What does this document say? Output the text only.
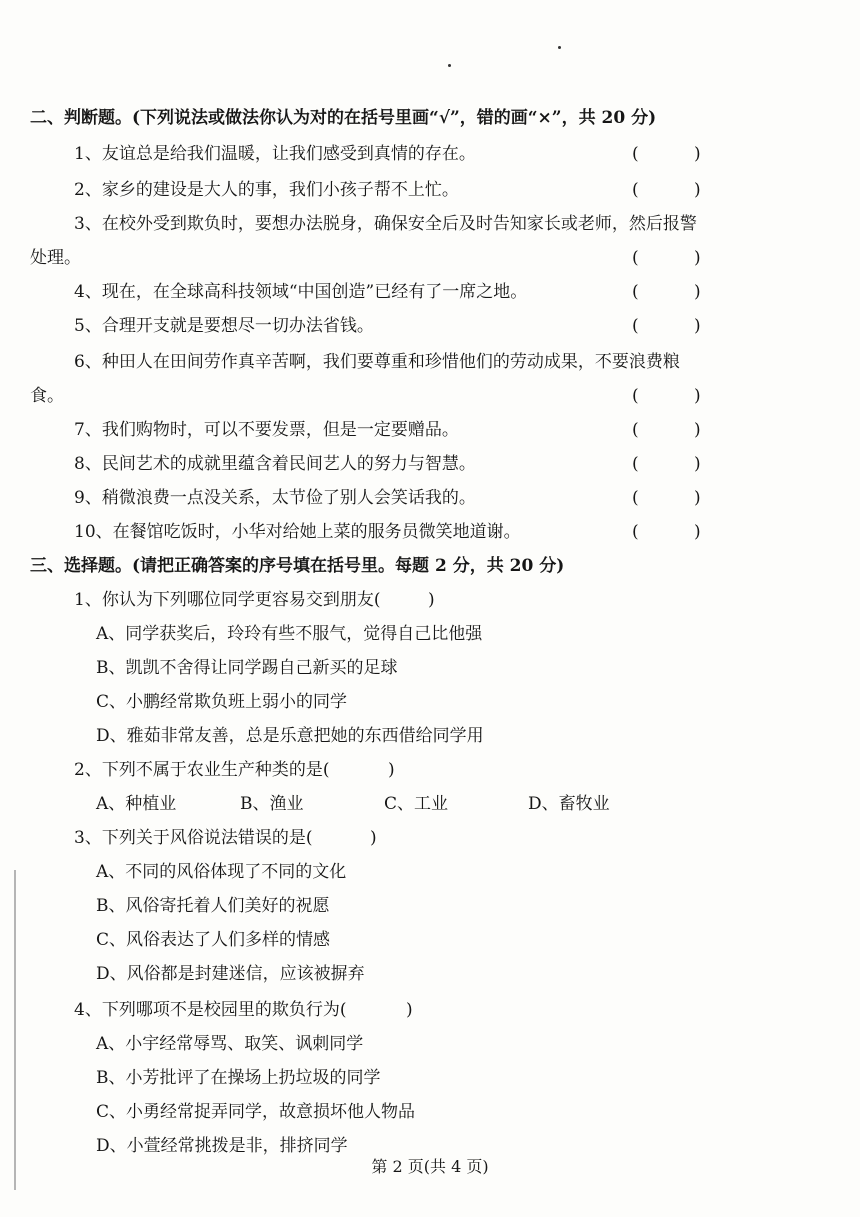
二、判断题。(下列说法或做法你认为对的在括号里画“√”，错的画“×”，共 20 分)
1、友谊总是给我们温暖，让我们感受到真情的存在。	(	)
2、家乡的建设是大人的事，我们小孩子帮不上忙。	(	)
3、在校外受到欺负时，要想办法脱身，确保安全后及时告知家长或老师，然后报警
处理。	(	)
4、现在，在全球高科技领域“中国创造”已经有了一席之地。	(	)
5、合理开支就是要想尽一切办法省钱。	(	)
6、种田人在田间劳作真辛苦啊，我们要尊重和珍惜他们的劳动成果，不要浪费粮
食。	(	)
7、我们购物时，可以不要发票，但是一定要赠品。	(	)
8、民间艺术的成就里蕴含着民间艺人的努力与智慧。	(	)
9、稍微浪费一点没关系，太节俭了别人会笑话我的。	(	)
10、在餐馆吃饭时，小华对给她上菜的服务员微笑地道谢。	(	)
三、选择题。(请把正确答案的序号填在括号里。每题 2 分，共 20 分)
1、你认为下列哪位同学更容易交到朋友(	)
A、同学获奖后，玲玲有些不服气，觉得自己比他强
B、凯凯不舍得让同学踢自己新买的足球
C、小鹏经常欺负班上弱小的同学
D、雅茹非常友善，总是乐意把她的东西借给同学用
2、下列不属于农业生产种类的是(	)
A、种植业	B、渔业	C、工业	D、畜牧业
3、下列关于风俗说法错误的是(	)
A、不同的风俗体现了不同的文化
B、风俗寄托着人们美好的祝愿
C、风俗表达了人们多样的情感
D、风俗都是封建迷信，应该被摒弃
4、下列哪项不是校园里的欺负行为(	)
A、小宇经常辱骂、取笑、讽刺同学
B、小芳批评了在操场上扔垃圾的同学
C、小勇经常捉弄同学，故意损坏他人物品
D、小萱经常挑拨是非，排挤同学
第 2 页(共 4 页)
